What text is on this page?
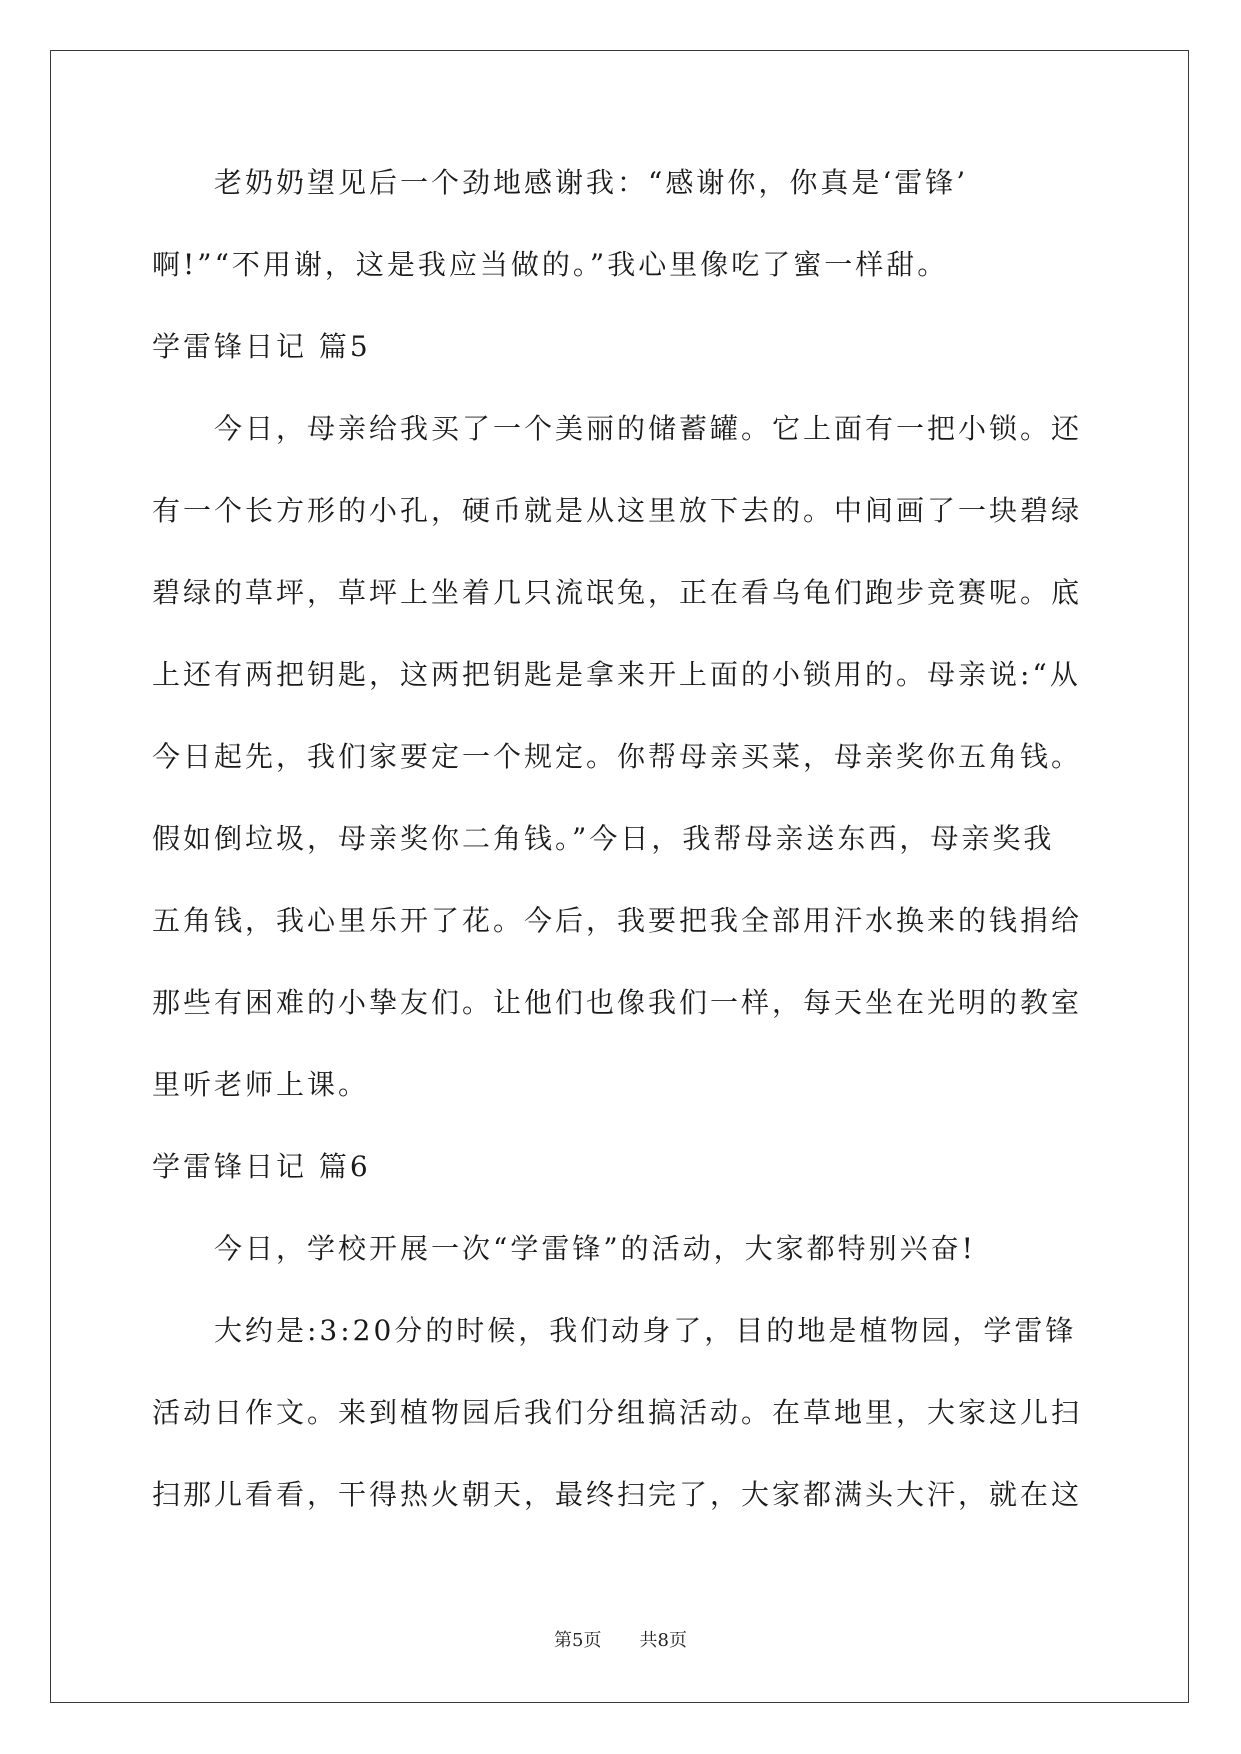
老奶奶望见后一个劲地感谢我：“感谢你，你真是‘雷锋’
啊!”“不用谢，这是我应当做的。”我心里像吃了蜜一样甜。
学雷锋日记 篇5
今日，母亲给我买了一个美丽的储蓄罐。它上面有一把小锁。还
有一个长方形的小孔，硬币就是从这里放下去的。中间画了一块碧绿
碧绿的草坪，草坪上坐着几只流氓兔，正在看乌龟们跑步竞赛呢。底
上还有两把钥匙，这两把钥匙是拿来开上面的小锁用的。母亲说:“从
今日起先，我们家要定一个规定。你帮母亲买菜，母亲奖你五角钱。
假如倒垃圾，母亲奖你二角钱。”今日，我帮母亲送东西，母亲奖我
五角钱，我心里乐开了花。今后，我要把我全部用汗水换来的钱捐给
那些有困难的小挚友们。让他们也像我们一样，每天坐在光明的教室
里听老师上课。
学雷锋日记 篇6
今日，学校开展一次“学雷锋”的活动，大家都特别兴奋!
大约是:3:20分的时候，我们动身了，目的地是植物园，学雷锋
活动日作文。来到植物园后我们分组搞活动。在草地里，大家这儿扫
扫那儿看看，干得热火朝天，最终扫完了，大家都满头大汗，就在这
第5页 共8页
